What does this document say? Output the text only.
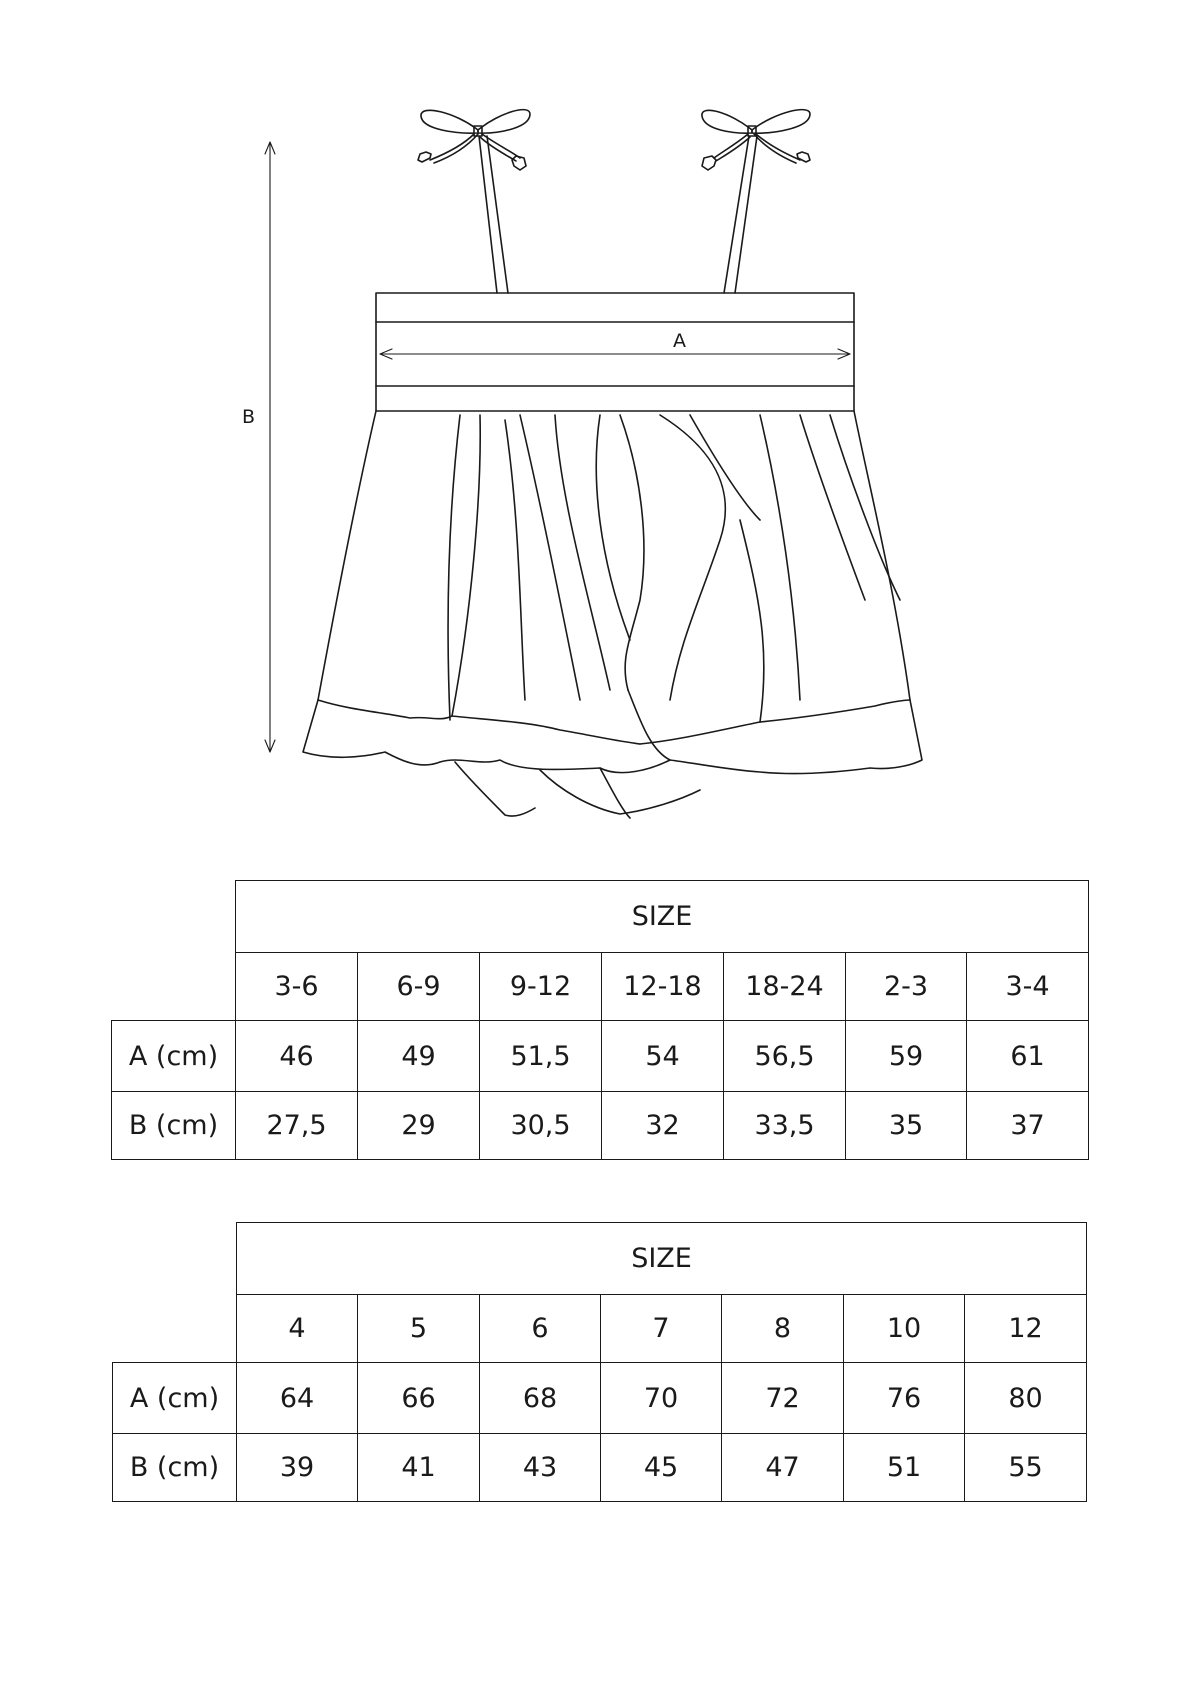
A
B
	SIZE						
	3-6	6-9	9-12	12-18	18-24	2-3	3-4
A (cm)	46	49	51,5	54	56,5	59	61
B (cm)	27,5	29	30,5	32	33,5	35	37
	SIZE						
	4	5	6	7	8	10	12
A (cm)	64	66	68	70	72	76	80
B (cm)	39	41	43	45	47	51	55
